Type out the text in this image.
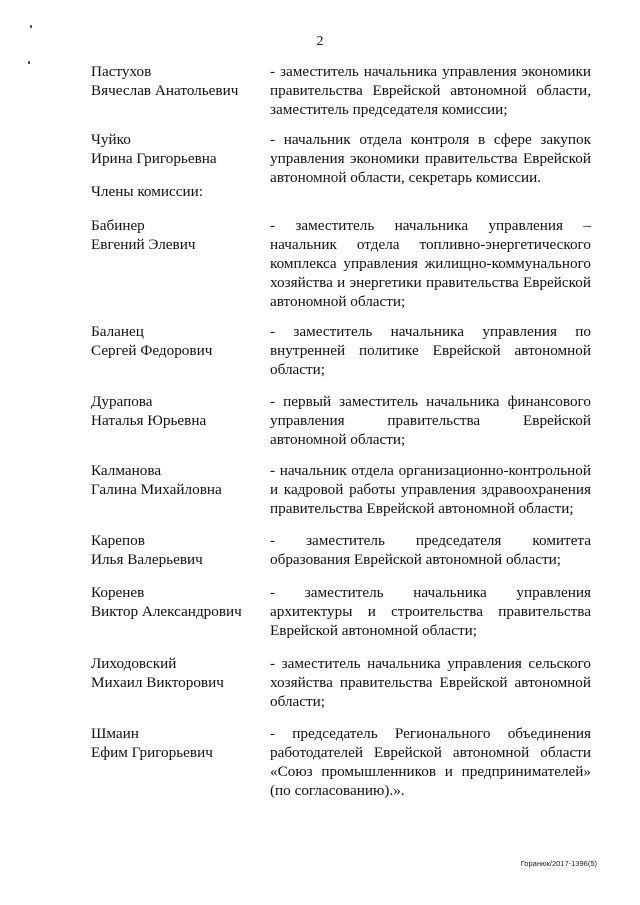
2
Пастухов
Вячеслав Анатольевич
- заместитель начальника управления экономики правительства Еврейской автономной области, заместитель председателя комиссии;
Чуйко
Ирина Григорьевна
- начальник отдела контроля в сфере закупок управления экономики правительства Еврейской автономной области, секретарь комиссии.
Члены комиссии:
Бабинер
Евгений Элевич
- заместитель начальника управления – начальник отдела топливно-энергетического комплекса управления жилищно-коммунального хозяйства и энергетики правительства Еврейской автономной области;
Баланец
Сергей Федорович
- заместитель начальника управления по внутренней политике Еврейской автономной области;
Дурапова
Наталья Юрьевна
- первый заместитель начальника финансового управления правительства Еврейской автономной области;
Калманова
Галина Михайловна
- начальник отдела организационно-контрольной и кадровой работы управления здравоохранения правительства Еврейской автономной области;
Карепов
Илья Валерьевич
- заместитель председателя комитета образования Еврейской автономной области;
Коренев
Виктор Александрович
- заместитель начальника управления архитектуры и строительства правительства Еврейской автономной области;
Лиходовский
Михаил Викторович
- заместитель начальника управления сельского хозяйства правительства Еврейской автономной области;
Шмаин
Ефим Григорьевич
- председатель Регионального объединения работодателей Еврейской автономной области «Союз промышленников и предпринимателей» (по согласованию).».
Горанюк/2017-1396(5)
